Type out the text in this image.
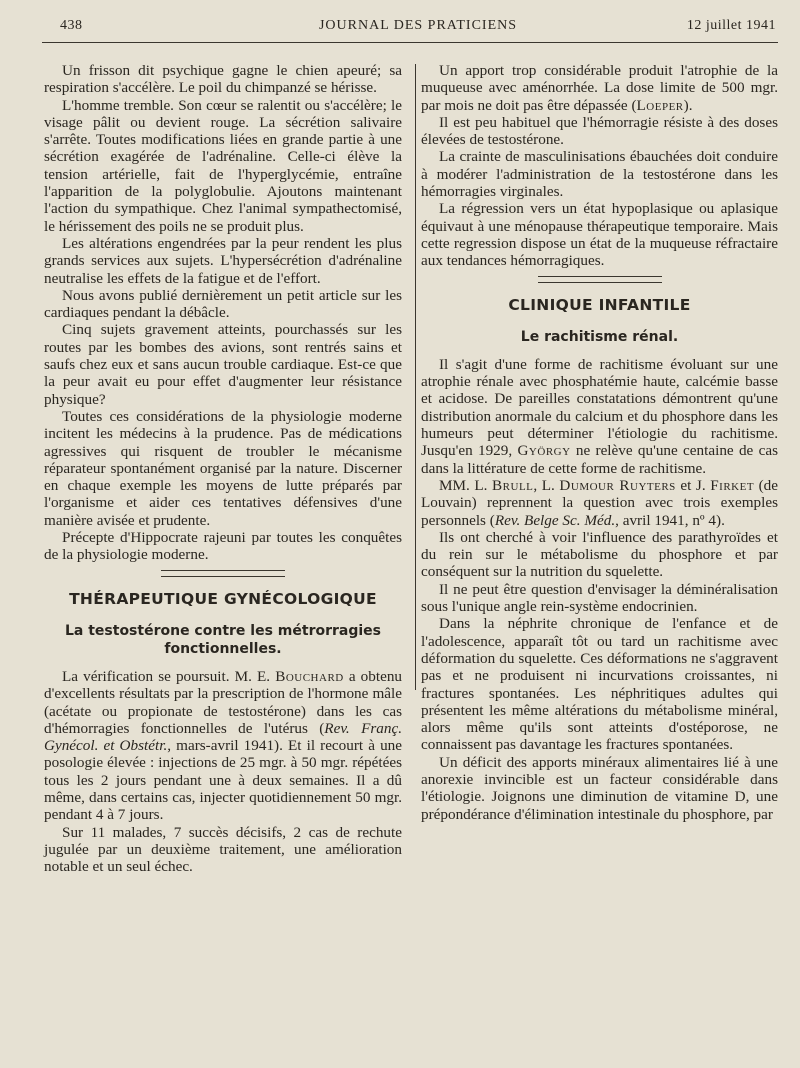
438	JOURNAL DES PRATICIENS	12 juillet 1941

Un frisson dit psychique gagne le chien apeuré; sa respiration s'accélère. Le poil du chimpanzé se hérisse.

L'homme tremble. Son cœur se ralentit ou s'accélère; le visage pâlit ou devient rouge. La sécrétion salivaire s'arrête. Toutes modifications liées en grande partie à une sécrétion exagérée de l'adrénaline. Celle-ci élève la tension artérielle, fait de l'hyperglycémie, entraîne l'apparition de la polyglobulie. Ajoutons maintenant l'action du sympathique. Chez l'animal sympathectomisé, le hérissement des poils ne se produit plus.

Les altérations engendrées par la peur rendent les plus grands services aux sujets. L'hypersécrétion d'adrénaline neutralise les effets de la fatigue et de l'effort.

Nous avons publié dernièrement un petit article sur les cardiaques pendant la débâcle.

Cinq sujets gravement atteints, pourchassés sur les routes par les bombes des avions, sont rentrés sains et saufs chez eux et sans aucun trouble cardiaque. Est-ce que la peur avait eu pour effet d'augmenter leur résistance physique?

Toutes ces considérations de la physiologie moderne incitent les médecins à la prudence. Pas de médications agressives qui risquent de troubler le mécanisme réparateur spontanément organisé par la nature. Discerner en chaque exemple les moyens de lutte préparés par l'organisme et aider ces tentatives défensives d'une manière avisée et prudente.

Précepte d'Hippocrate rajeuni par toutes les conquêtes de la physiologie moderne.

THÉRAPEUTIQUE GYNÉCOLOGIQUE
La testostérone contre les métrorragies fonctionnelles.

La vérification se poursuit. M. E. Bouchard a obtenu d'excellents résultats par la prescription de l'hormone mâle (acétate ou propionate de testostérone) dans les cas d'hémorragies fonctionnelles de l'utérus (Rev. Franç. Gynécol. et Obstétr., mars-avril 1941). Et il recourt à une posologie élevée : injections de 25 mgr. à 50 mgr. répétées tous les 2 jours pendant une à deux semaines. Il a dû même, dans certains cas, injecter quotidiennement 50 mgr. pendant 4 à 7 jours.

Sur 11 malades, 7 succès décisifs, 2 cas de rechute jugulée par un deuxième traitement, une amélioration notable et un seul échec.

Un apport trop considérable produit l'atrophie de la muqueuse avec aménorrhée. La dose limite de 500 mgr. par mois ne doit pas être dépassée (Loeper).

Il est peu habituel que l'hémorragie résiste à des doses élevées de testostérone.

La crainte de masculinisations ébauchées doit conduire à modérer l'administration de la testostérone dans les hémorragies virginales.

La régression vers un état hypoplasique ou aplasique équivaut à une ménopause thérapeutique temporaire. Mais cette regression dispose un état de la muqueuse réfractaire aux tendances hémorragiques.

CLINIQUE INFANTILE
Le rachitisme rénal.

Il s'agit d'une forme de rachitisme évoluant sur une atrophie rénale avec phosphatémie haute, calcémie basse et acidose. De pareilles constatations démontrent qu'une distribution anormale du calcium et du phosphore dans les humeurs peut déterminer l'étiologie du rachitisme. Jusqu'en 1929, György ne relève qu'une centaine de cas dans la littérature de cette forme de rachitisme.

MM. L. Brull, L. Dumour Ruyters et J. Firket (de Louvain) reprennent la question avec trois exemples personnels (Rev. Belge Sc. Méd., avril 1941, nº 4).

Ils ont cherché à voir l'influence des parathyroïdes et du rein sur le métabolisme du phosphore et par conséquent sur la nutrition du squelette.

Il ne peut être question d'envisager la déminéralisation sous l'unique angle rein-système endocrinien.

Dans la néphrite chronique de l'enfance et de l'adolescence, apparaît tôt ou tard un rachitisme avec déformation du squelette. Ces déformations ne s'aggravent pas et ne produisent ni incurvations croissantes, ni fractures spontanées. Les néphritiques adultes qui présentent les même altérations du métabolisme minéral, alors même qu'ils sont atteints d'ostéporose, ne connaissent pas davantage les fractures spontanées.

Un déficit des apports minéraux alimentaires lié à une anorexie invincible est un facteur considérable dans l'étiologie. Joignons une diminution de vitamine D, une prépondérance d'élimination intestinale du phosphore, par
